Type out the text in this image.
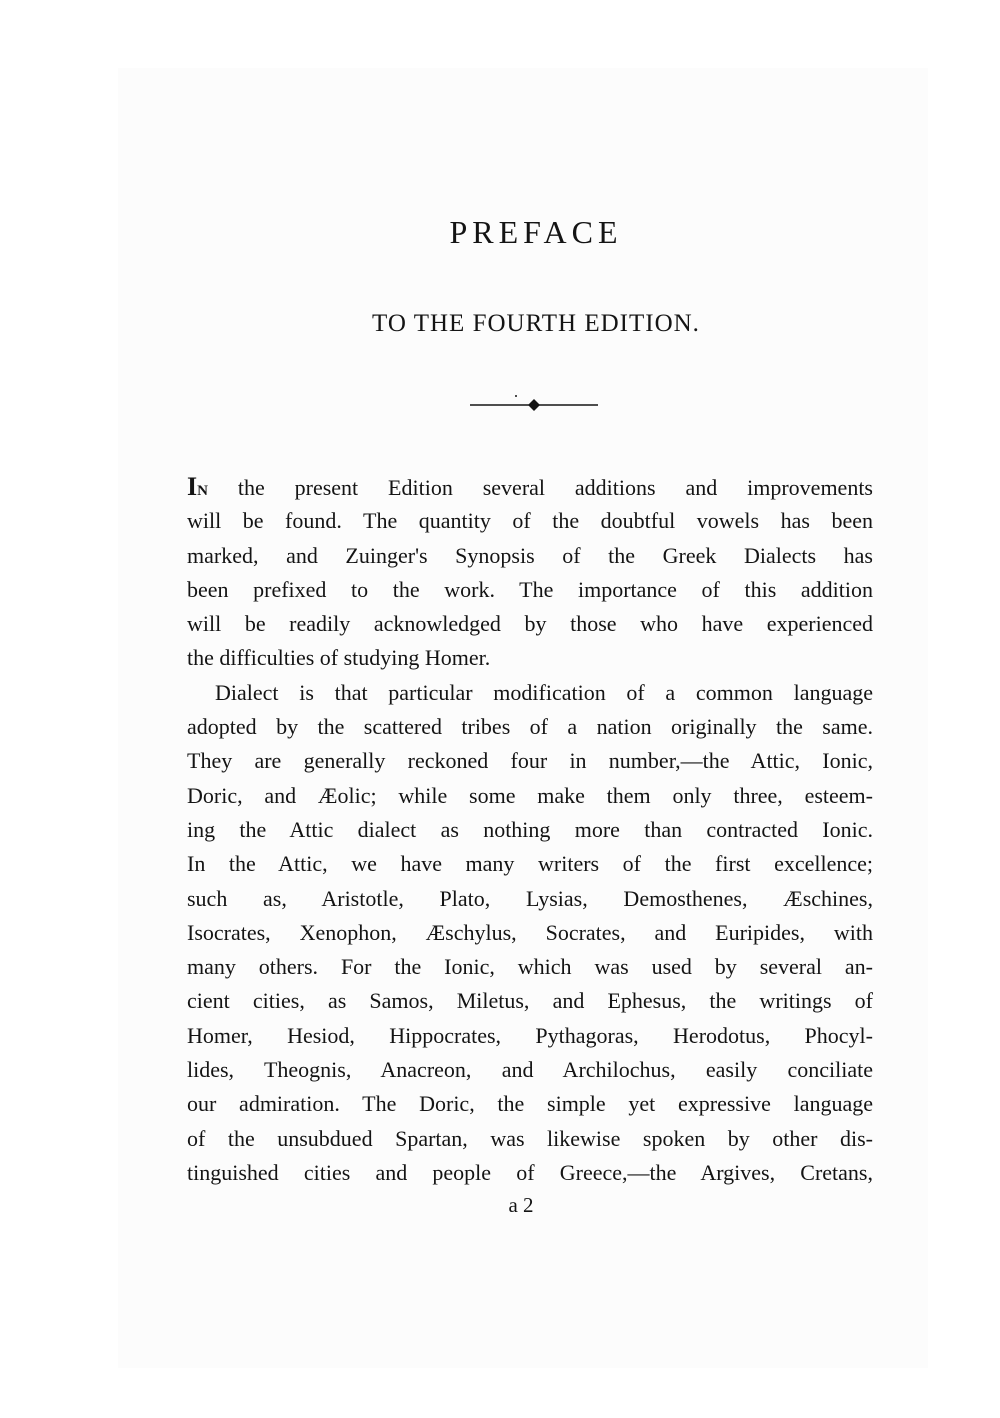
PREFACE
TO THE FOURTH EDITION.
IN the present Edition several additions and improvements
will be found. The quantity of the doubtful vowels has been
marked, and Zuinger's Synopsis of the Greek Dialects has
been prefixed to the work. The importance of this addition
will be readily acknowledged by those who have experienced
the difficulties of studying Homer.
Dialect is that particular modification of a common language
adopted by the scattered tribes of a nation originally the same.
They are generally reckoned four in number,—the Attic, Ionic,
Doric, and Æolic; while some make them only three, esteem-
ing the Attic dialect as nothing more than contracted Ionic.
In the Attic, we have many writers of the first excellence;
such as, Aristotle, Plato, Lysias, Demosthenes, Æschines,
Isocrates, Xenophon, Æschylus, Socrates, and Euripides, with
many others. For the Ionic, which was used by several an-
cient cities, as Samos, Miletus, and Ephesus, the writings of
Homer, Hesiod, Hippocrates, Pythagoras, Herodotus, Phocyl-
lides, Theognis, Anacreon, and Archilochus, easily conciliate
our admiration. The Doric, the simple yet expressive language
of the unsubdued Spartan, was likewise spoken by other dis-
tinguished cities and people of Greece,—the Argives, Cretans,
a 2
